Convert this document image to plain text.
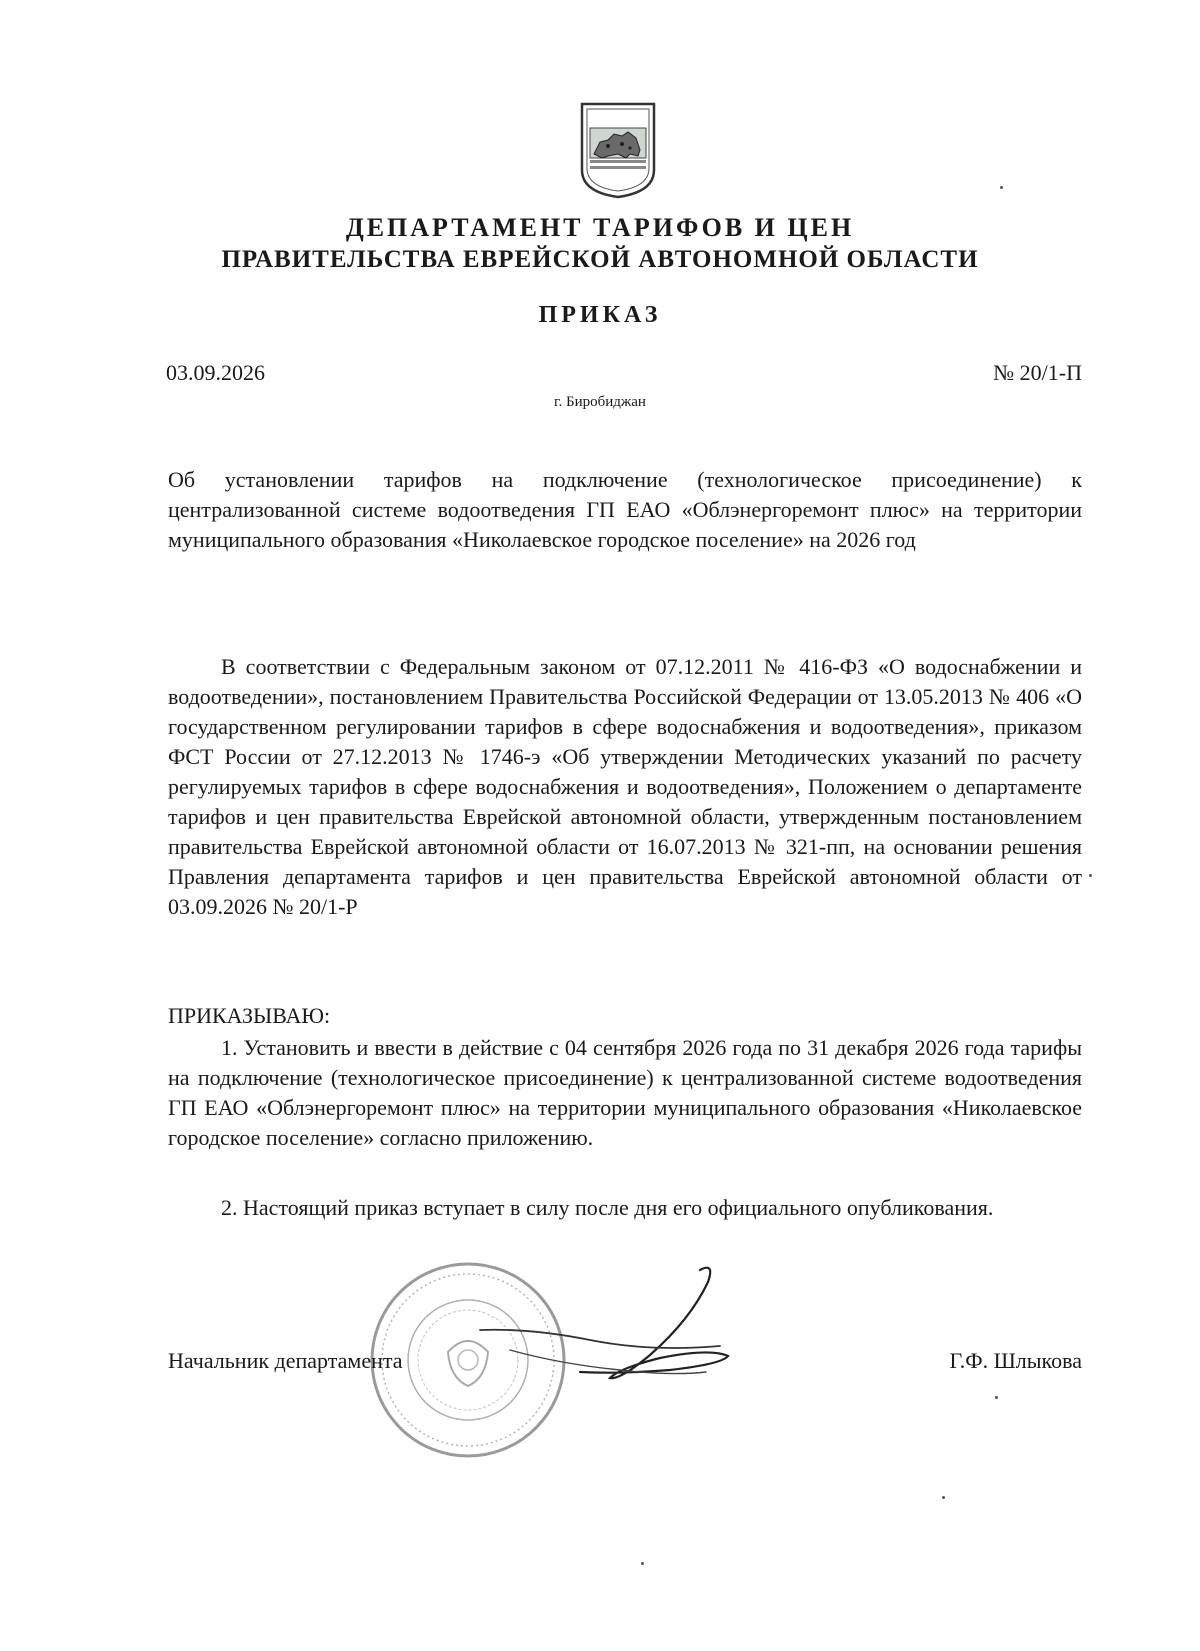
ДЕПАРТАМЕНТ ТАРИФОВ И ЦЕН
ПРАВИТЕЛЬСТВА ЕВРЕЙСКОЙ АВТОНОМНОЙ ОБЛАСТИ
ПРИКАЗ
03.09.2026	№ 20/1-П
г. Биробиджан

Об установлении тарифов на подключение (технологическое присоединение) к централизованной системе водоотведения ГП ЕАО «Облэнергоремонт плюс» на территории муниципального образования «Николаевское городское поселение» на 2026 год

В соответствии с Федеральным законом от 07.12.2011 № 416-ФЗ «О водоснабжении и водоотведении», постановлением Правительства Российской Федерации от 13.05.2013 № 406 «О государственном регулировании тарифов в сфере водоснабжения и водоотведения», приказом ФСТ России от 27.12.2013 № 1746-э «Об утверждении Методических указаний по расчету регулируемых тарифов в сфере водоснабжения и водоотведения», Положением о департаменте тарифов и цен правительства Еврейской автономной области, утвержденным постановлением правительства Еврейской автономной области от 16.07.2013 № 321-пп, на основании решения Правления департамента тарифов и цен правительства Еврейской автономной области от 03.09.2026 № 20/1-Р

ПРИКАЗЫВАЮ:

1. Установить и ввести в действие с 04 сентября 2026 года по 31 декабря 2026 года тарифы на подключение (технологическое присоединение) к централизованной системе водоотведения ГП ЕАО «Облэнергоремонт плюс» на территории муниципального образования «Николаевское городское поселение» согласно приложению.

2. Настоящий приказ вступает в силу после дня его официального опубликования.

Начальник департамента	Г.Ф. Шлыкова
